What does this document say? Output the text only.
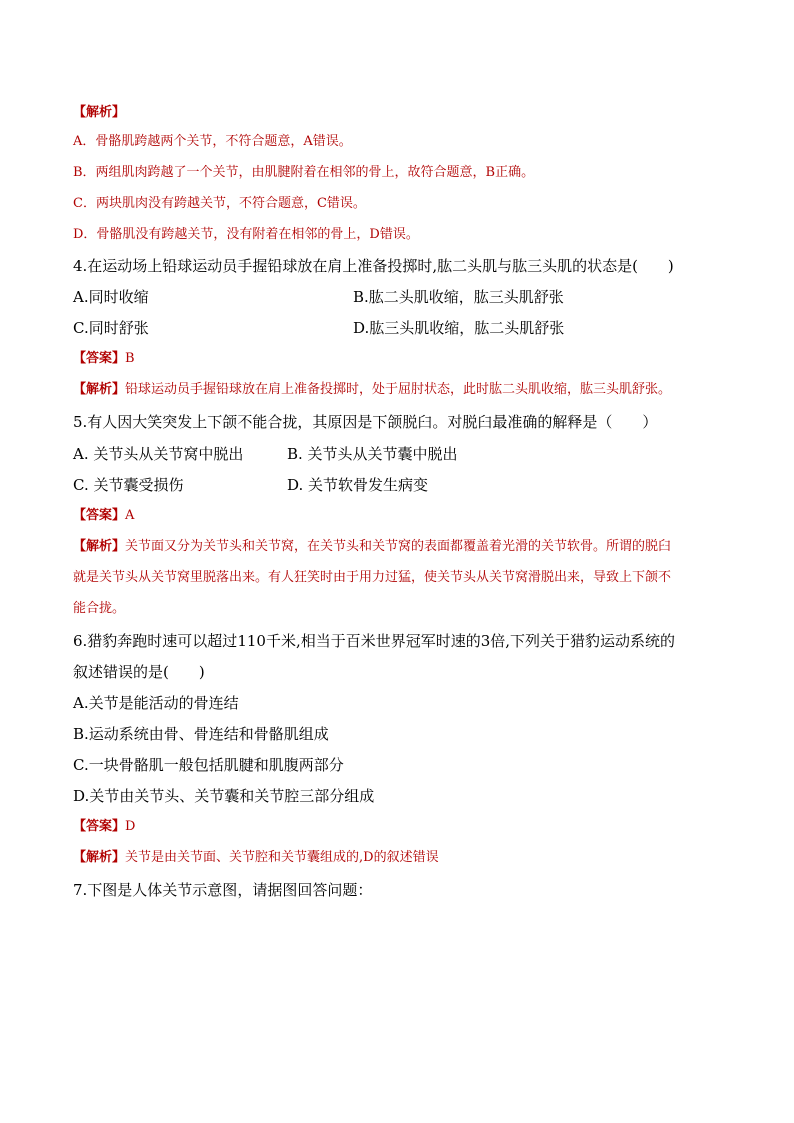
【解析】
A．骨骼肌跨越两个关节，不符合题意，A错误。
B．两组肌肉跨越了一个关节，由肌腱附着在相邻的骨上，故符合题意，B正确。
C．两块肌肉没有跨越关节，不符合题意，C错误。
D．骨骼肌没有跨越关节，没有附着在相邻的骨上，D错误。
4.在运动场上铅球运动员手握铅球放在肩上准备投掷时,肱二头肌与肱三头肌的状态是(　　)
A.同时收缩	B.肱二头肌收缩，肱三头肌舒张
C.同时舒张	D.肱三头肌收缩，肱二头肌舒张
【答案】B
【解析】铅球运动员手握铅球放在肩上准备投掷时，处于屈肘状态，此时肱二头肌收缩，肱三头肌舒张。
5.有人因大笑突发上下颌不能合拢，其原因是下颌脱臼。对脱臼最准确的解释是（　　）
A. 关节头从关节窝中脱出	B. 关节头从关节囊中脱出
C. 关节囊受损伤	D. 关节软骨发生病变
【答案】A
【解析】关节面又分为关节头和关节窝，在关节头和关节窝的表面都覆盖着光滑的关节软骨。所谓的脱臼
就是关节头从关节窝里脱落出来。有人狂笑时由于用力过猛，使关节头从关节窝滑脱出来，导致上下颌不
能合拢。
6.猎豹奔跑时速可以超过110千米,相当于百米世界冠军时速的3倍,下列关于猎豹运动系统的
叙述错误的是(　　)
A.关节是能活动的骨连结
B.运动系统由骨、骨连结和骨骼肌组成
C.一块骨骼肌一般包括肌腱和肌腹两部分
D.关节由关节头、关节囊和关节腔三部分组成
【答案】D
【解析】关节是由关节面、关节腔和关节囊组成的,D的叙述错误
7.下图是人体关节示意图，请据图回答问题：
